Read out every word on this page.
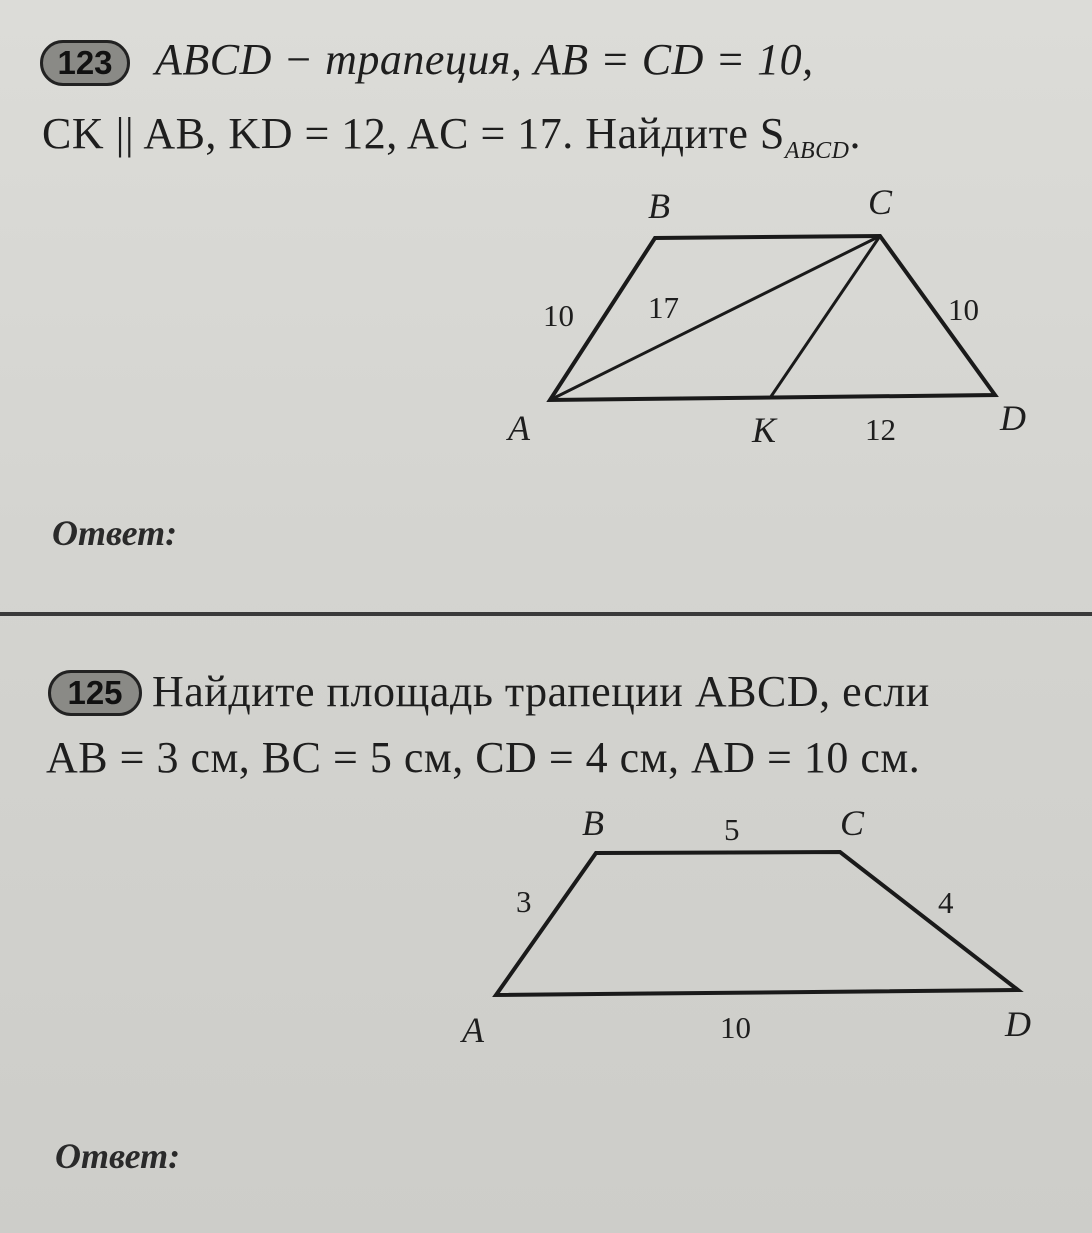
123 ABCD − трапеция, AB = CD = 10,
CK || AB, KD = 12, AC = 17. Найдите $S_{ABCD}$.
B	C
A	D
K
10 17	10
12
Ответ:
125 Найдите площадь трапеции ABCD, если
AB = 3 см, BC = 5 см, CD = 4 см, AD = 10 см.
B	C
A	D
3
5
4
10
Ответ:
